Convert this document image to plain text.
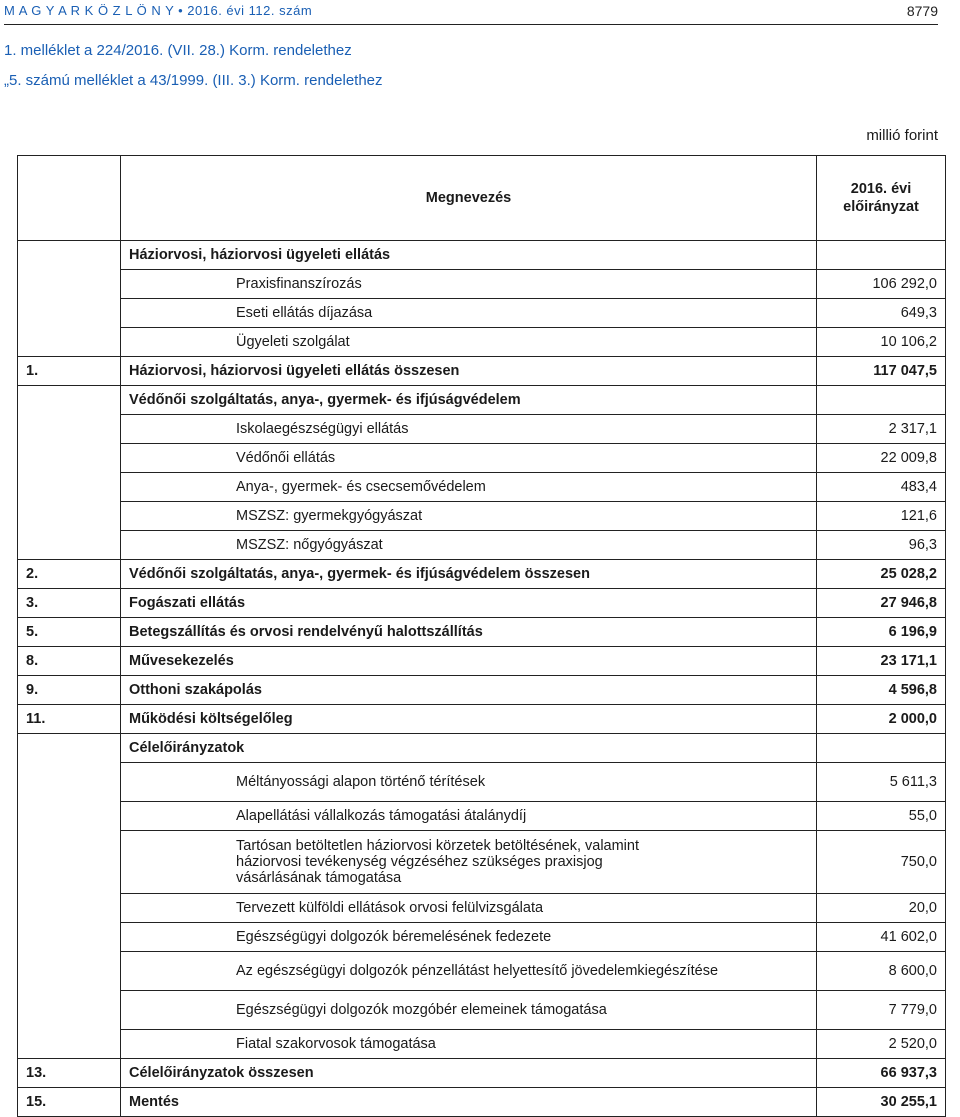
M A G Y A R K Ö Z L Ö N Y • 2016. évi 112. szám	8779
1. melléklet a 224/2016. (VII. 28.) Korm. rendelethez
„5. számú melléklet a 43/1999. (III. 3.) Korm. rendelethez
millió forint
	Megnevezés	2016. évi
előirányzat
	Háziorvosi, háziorvosi ügyeleti ellátás	
	Praxisfinanszírozás	106 292,0
	Eseti ellátás díjazása	649,3
	Ügyeleti szolgálat	10 106,2
1.	Háziorvosi, háziorvosi ügyeleti ellátás összesen	117 047,5
	Védőnői szolgáltatás, anya-, gyermek- és ifjúságvédelem	
	Iskolaegészségügyi ellátás	2 317,1
	Védőnői ellátás	22 009,8
	Anya-, gyermek- és csecsemővédelem	483,4
	MSZSZ: gyermekgyógyászat	121,6
	MSZSZ: nőgyógyászat	96,3
2.	Védőnői szolgáltatás, anya-, gyermek- és ifjúságvédelem összesen	25 028,2
3.	Fogászati ellátás	27 946,8
5.	Betegszállítás és orvosi rendelvényű halottszállítás	6 196,9
8.	Művesekezelés	23 171,1
9.	Otthoni szakápolás	4 596,8
11.	Működési költségelőleg	2 000,0
	Célelőirányzatok	
	Méltányossági alapon történő térítések	5 611,3
	Alapellátási vállalkozás támogatási átalánydíj	55,0
	Tartósan betöltetlen háziorvosi körzetek betöltésének, valamint háziorvosi tevékenység végzéséhez szükséges praxisjog vásárlásának támogatása	750,0
	Tervezett külföldi ellátások orvosi felülvizsgálata	20,0
	Egészségügyi dolgozók béremelésének fedezete	41 602,0
	Az egészségügyi dolgozók pénzellátást helyettesítő jövedelemkiegészítése	8 600,0
	Egészségügyi dolgozók mozgóbér elemeinek támogatása	7 779,0
	Fiatal szakorvosok támogatása	2 520,0
13.	Célelőirányzatok összesen	66 937,3
15.	Mentés	30 255,1
